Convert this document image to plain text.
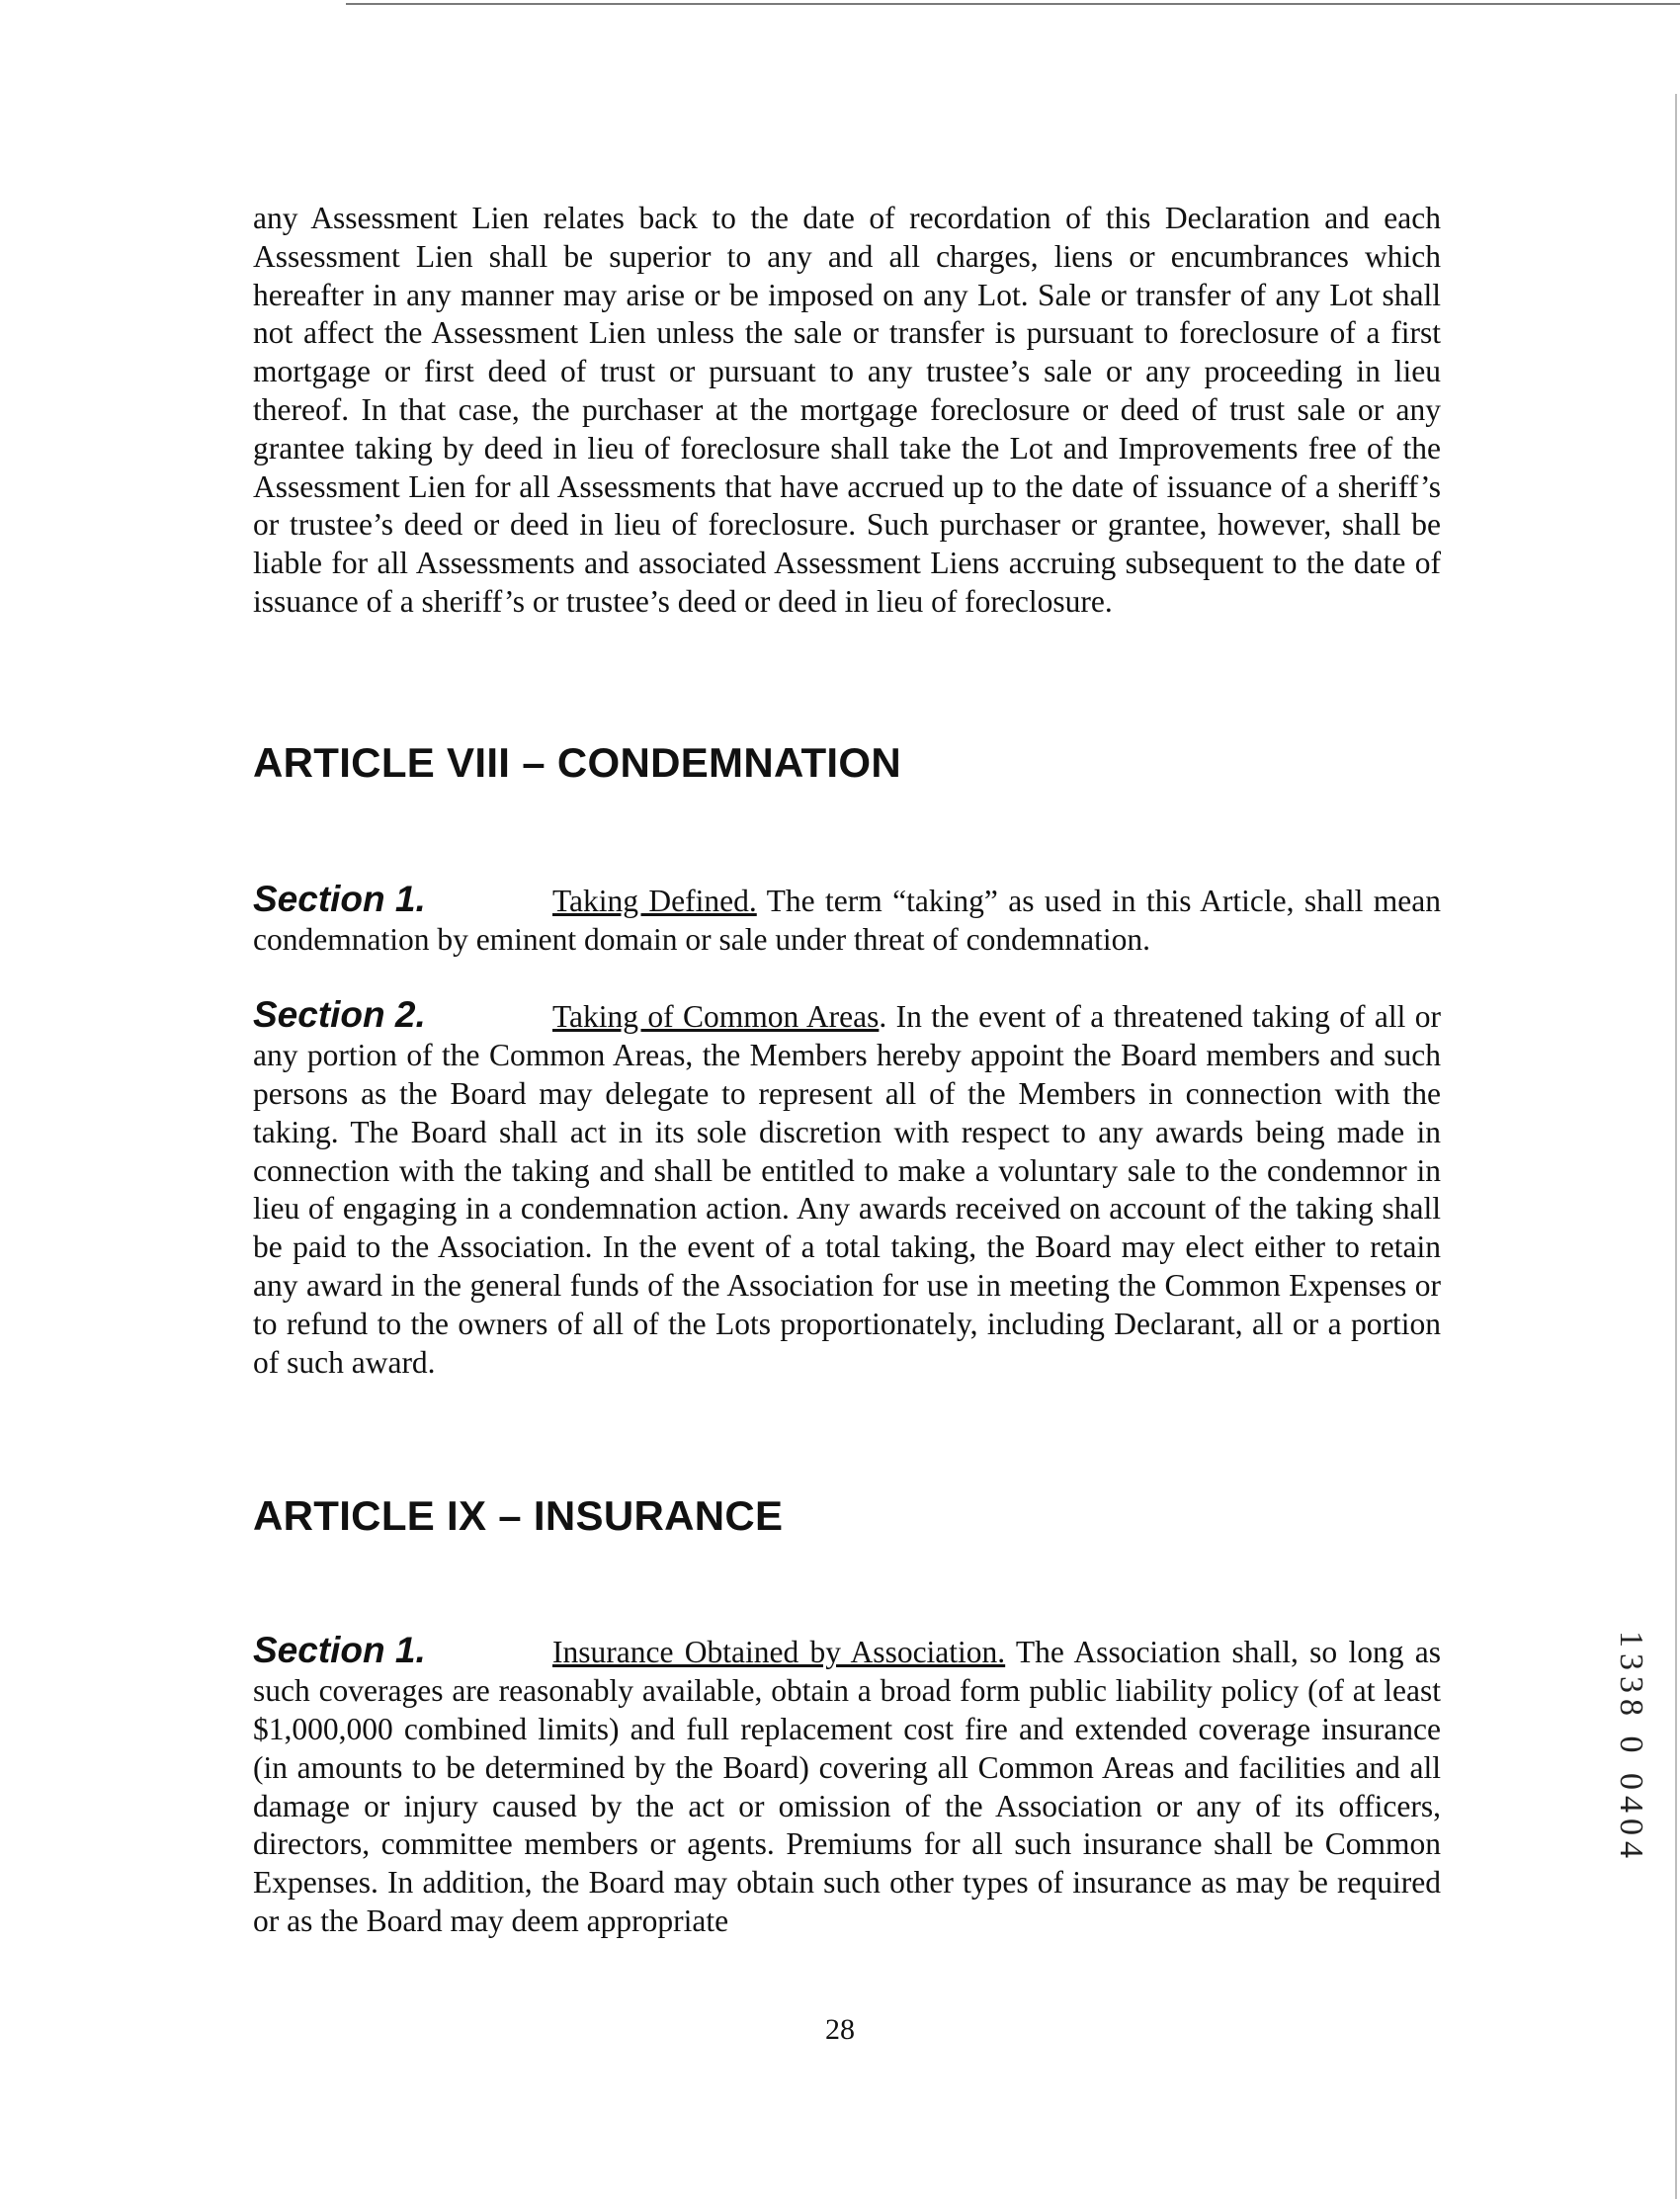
any Assessment Lien relates back to the date of recordation of this Declaration and each Assessment Lien shall be superior to any and all charges, liens or encumbrances which hereafter in any manner may arise or be imposed on any Lot. Sale or transfer of any Lot shall not affect the Assessment Lien unless the sale or transfer is pursuant to foreclosure of a first mortgage or first deed of trust or pursuant to any trustee’s sale or any proceeding in lieu thereof. In that case, the purchaser at the mortgage foreclosure or deed of trust sale or any grantee taking by deed in lieu of foreclosure shall take the Lot and Improvements free of the Assessment Lien for all Assessments that have accrued up to the date of issuance of a sheriff’s or trustee’s deed or deed in lieu of foreclosure. Such purchaser or grantee, however, shall be liable for all Assessments and associated Assessment Liens accruing subsequent to the date of issuance of a sheriff’s or trustee’s deed or deed in lieu of foreclosure.

ARTICLE VIII – CONDEMNATION

Section 1.	Taking Defined. The term “taking” as used in this Article, shall mean condemnation by eminent domain or sale under threat of condemnation.

Section 2.	Taking of Common Areas. In the event of a threatened taking of all or any portion of the Common Areas, the Members hereby appoint the Board members and such persons as the Board may delegate to represent all of the Members in connection with the taking. The Board shall act in its sole discretion with respect to any awards being made in connection with the taking and shall be entitled to make a voluntary sale to the condemnor in lieu of engaging in a condemnation action. Any awards received on account of the taking shall be paid to the Association. In the event of a total taking, the Board may elect either to retain any award in the general funds of the Association for use in meeting the Common Expenses or to refund to the owners of all of the Lots proportionately, including Declarant, all or a portion of such award.

ARTICLE IX – INSURANCE

Section 1.	Insurance Obtained by Association. The Association shall, so long as such coverages are reasonably available, obtain a broad form public liability policy (of at least $1,000,000 combined limits) and full replacement cost fire and extended coverage insurance (in amounts to be determined by the Board) covering all Common Areas and facilities and all damage or injury caused by the act or omission of the Association or any of its officers, directors, committee members or agents. Premiums for all such insurance shall be Common Expenses. In addition, the Board may obtain such other types of insurance as may be required or as the Board may deem appropriate

1338 0 0404
28
